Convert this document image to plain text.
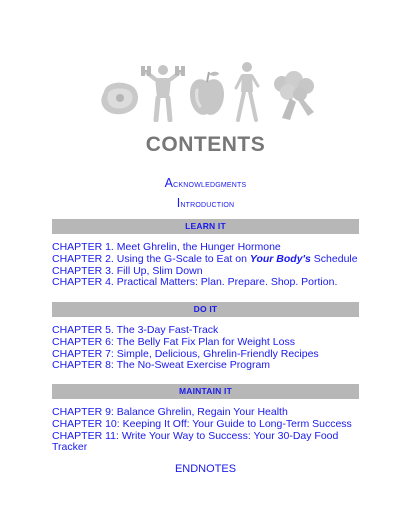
CONTENTS
Acknowledgments
Introduction
LEARN IT
CHAPTER 1. Meet Ghrelin, the Hunger Hormone
CHAPTER 2. Using the G-Scale to Eat on Your Body's Schedule
CHAPTER 3. Fill Up, Slim Down
CHAPTER 4. Practical Matters: Plan. Prepare. Shop. Portion.
DO IT
CHAPTER 5. The 3-Day Fast-Track
CHAPTER 6: The Belly Fat Fix Plan for Weight Loss
CHAPTER 7: Simple, Delicious, Ghrelin-Friendly Recipes
CHAPTER 8: The No-Sweat Exercise Program
MAINTAIN IT
CHAPTER 9: Balance Ghrelin, Regain Your Health
CHAPTER 10: Keeping It Off: Your Guide to Long-Term Success
CHAPTER 11: Write Your Way to Success: Your 30-Day Food Tracker
ENDNOTES
